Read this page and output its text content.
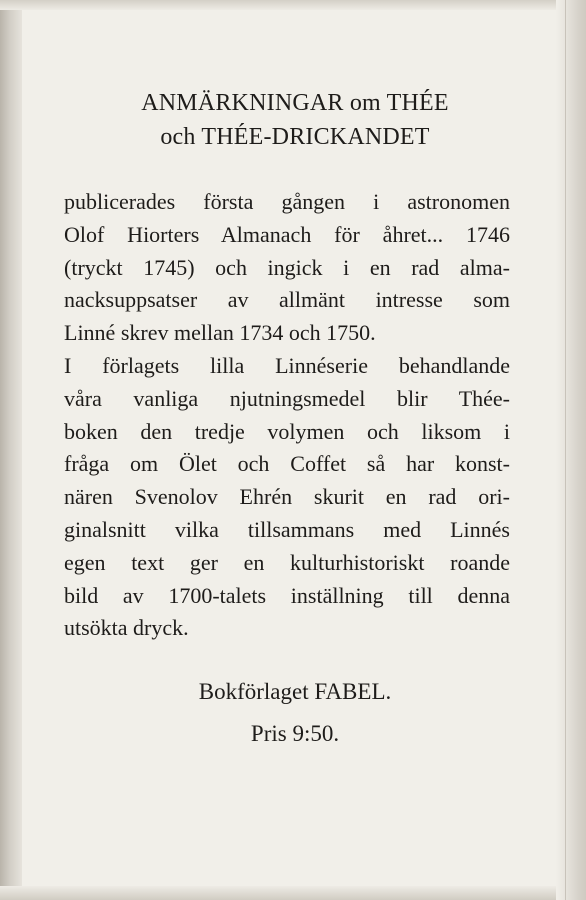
ANMÄRKNINGAR om THÉE
och THÉE-DRICKANDET
publicerades första gången i astronomen
Olof Hiorters Almanach för åhret... 1746
(tryckt 1745) och ingick i en rad alma-
nacksuppsatser av allmänt intresse som
Linné skrev mellan 1734 och 1750.
I förlagets lilla Linnéserie behandlande
våra vanliga njutningsmedel blir Thée-
boken den tredje volymen och liksom i
fråga om Ölet och Coffet så har konst-
nären Svenolov Ehrén skurit en rad ori-
ginalsnitt vilka tillsammans med Linnés
egen text ger en kulturhistoriskt roande
bild av 1700-talets inställning till denna
utsökta dryck.
Bokförlaget FABEL.
Pris 9:50.
